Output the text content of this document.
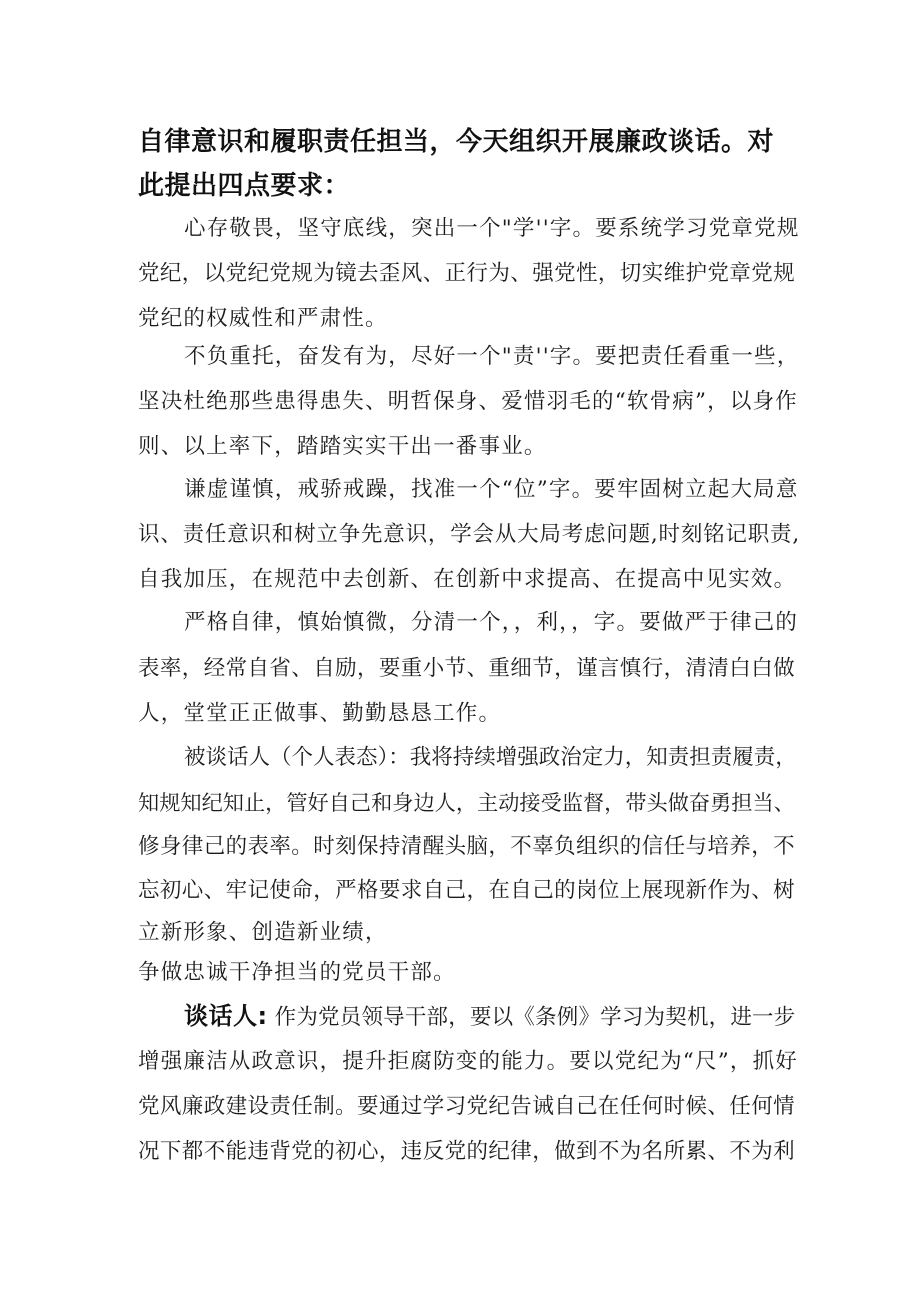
自律意识和履职责任担当，今天组织开展廉政谈话。对此提出四点要求：
心存敬畏，坚守底线，突出一个"学''字。要系统学习党章党规
党纪，以党纪党规为镜去歪风、正行为、强党性，切实维护党章党规
党纪的权威性和严肃性。
不负重托，奋发有为，尽好一个"责''字。要把责任看重一些，
坚决杜绝那些患得患失、明哲保身、爱惜羽毛的“软骨病”，以身作
则、以上率下，踏踏实实干出一番事业。
谦虚谨慎，戒骄戒躁，找准一个“位”字。要牢固树立起大局意
识、责任意识和树立争先意识，学会从大局考虑问题,时刻铭记职责,
自我加压，在规范中去创新、在创新中求提高、在提高中见实效。
严格自律，慎始慎微，分清一个，，利，，字。要做严于律己的
表率，经常自省、自励，要重小节、重细节，谨言慎行，清清白白做
人，堂堂正正做事、勤勤恳恳工作。
被谈话人（个人表态）：我将持续增强政治定力，知责担责履责，
知规知纪知止，管好自己和身边人，主动接受监督，带头做奋勇担当、
修身律己的表率。时刻保持清醒头脑，不辜负组织的信任与培养，不
忘初心、牢记使命，严格要求自己，在自己的岗位上展现新作为、树
立新形象、创造新业绩，
争做忠诚干净担当的党员干部。
谈话人: 作为党员领导干部，要以《条例》学习为契机，进一步
增强廉洁从政意识，提升拒腐防变的能力。要以党纪为“尺”，抓好
党风廉政建设责任制。要通过学习党纪告诫自己在任何时候、任何情
况下都不能违背党的初心，违反党的纪律，做到不为名所累、不为利
